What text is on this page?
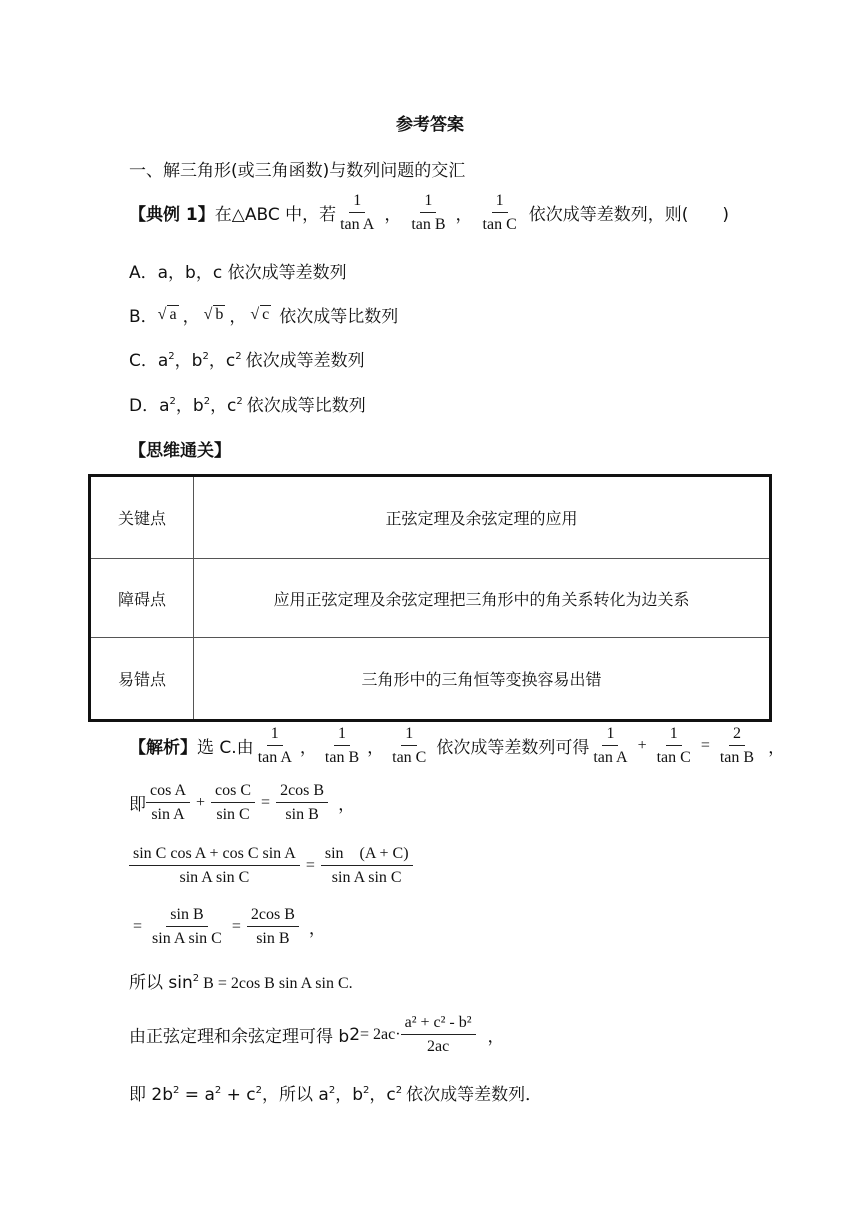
参考答案
一、解三角形(或三角函数)与数列问题的交汇
【典例 1】 在△ABC 中，若 $\frac{1}{\text{tan A}}$ ， $\frac{1}{\text{tan B}}$ ， $\frac{1}{\text{tan C}}$ 依次成等差数列，则(　　)
A．a，b，c 依次成等差数列
B． √ a ， √ b ， √ c 依次成等比数列
C．$a^2$，$b^2$，$c^2$ 依次成等差数列
D．$a^2$，$b^2$，$c^2$ 依次成等比数列
【思维通关】
关键点	正弦定理及余弦定理的应用
障碍点	应用正弦定理及余弦定理把三角形中的角关系转化为边关系
易错点	三角形中的三角恒等变换容易出错
【解析】 选 C.由 $\frac{1}{\text{tan A}}$ ， $\frac{1}{\text{tan B}}$ ， $\frac{1}{\text{tan C}}$ 依次成等差数列可得 $\frac{1}{\text{tan A}} + \frac{1}{\text{tan C}} = \frac{2}{\text{tan B}}$ ，
即 $\frac{\text{cos A}}{\text{sin A}} + \frac{\text{cos C}}{\text{sin C}} = \frac{\text{2cos B}}{\text{sin B}}$ ，
$\frac{\text{sin C cos A + cos C sin A}}{\text{sin A sin C}} = \frac{\sin (A + C)}{\text{sin A sin C}}$
= $\frac{\text{sin B}}{\text{sin A sin C}} = \frac{\text{2cos B}}{\text{sin B}}$ ，
所以 $\sin^2 B = 2\cos$ B sin A sin C.
由正弦定理和余弦定理可得 b $2 = 2ac\cdot \frac{\text{a² + c² - b²}}{2ac}$ ，
即 $2b^2 = a^2 + c^2$，所以 $a^2$，$b^2$，$c^2$ 依次成等差数列．
